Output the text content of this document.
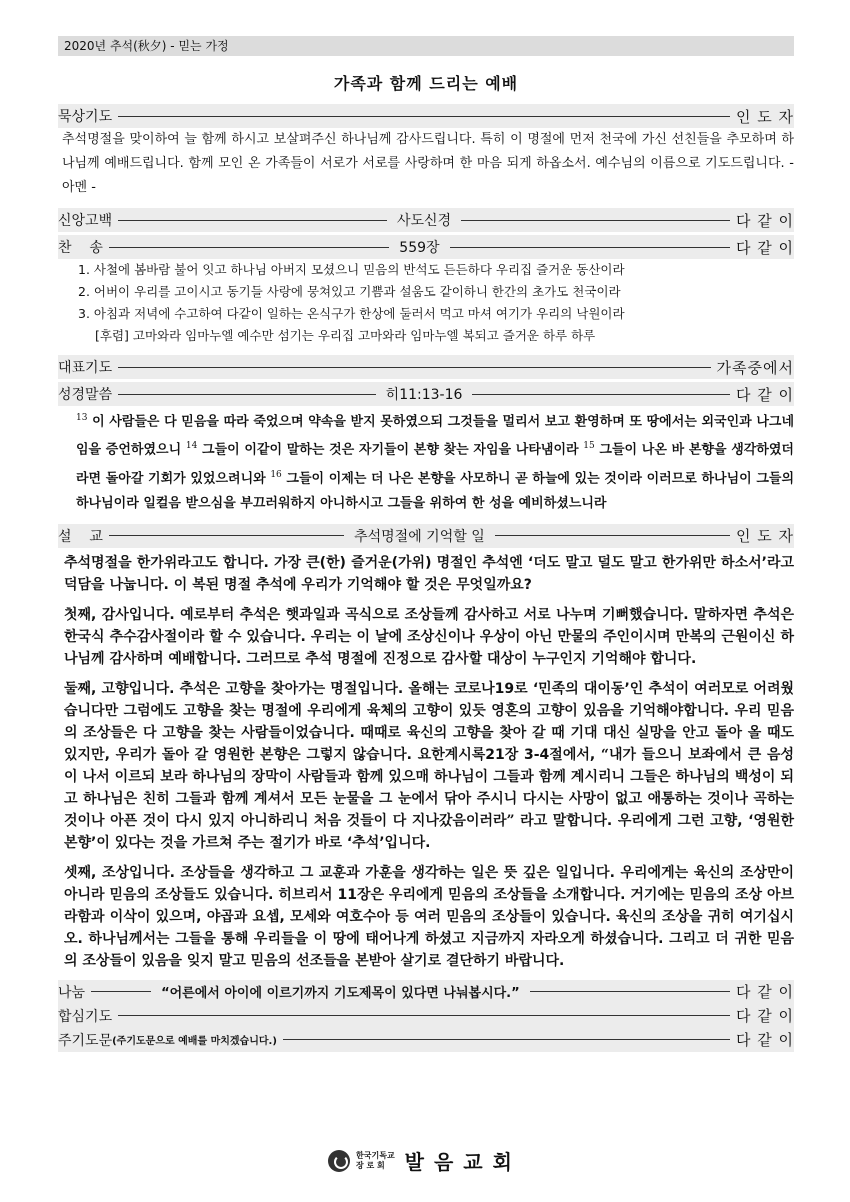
2020년 추석(秋夕) - 믿는 가정
가족과 함께 드리는 예배
묵상기도	인 도 자
추석명절을 맞이하여 늘 함께 하시고 보살펴주신 하나님께 감사드립니다. 특히 이 명절에 먼저 천국에 가신 선친들을 추모하며 하나님께 예배드립니다. 함께 모인 온 가족들이 서로가 서로를 사랑하며 한 마음 되게 하옵소서. 예수님의 이름으로 기도드립니다. - 아멘 -
신앙고백	사도신경	다 같 이
찬    송	559장	다 같 이
1. 사철에 봄바람 불어 잇고 하나님 아버지 모셨으니 믿음의 반석도 든든하다 우리집 즐거운 동산이라
2. 어버이 우리를 고이시고 동기들 사랑에 뭉쳐있고 기쁨과 설움도 같이하니 한간의 초가도 천국이라
3. 아침과 저녁에 수고하여 다같이 일하는 온식구가 한상에 둘러서 먹고 마셔 여기가 우리의 낙원이라
[후렴] 고마와라 임마누엘 예수만 섬기는 우리집 고마와라 임마누엘 복되고 즐거운 하루 하루
대표기도	가족중에서
성경말씀	히11:13-16	다 같 이
$^{13}$ 이 사람들은 다 믿음을 따라 죽었으며 약속을 받지 못하였으되 그것들을 멀리서 보고 환영하며 또 땅에서는 외국인과 나그네임을 증언하였으니 $^{14}$ 그들이 이같이 말하는 것은 자기들이 본향 찾는 자임을 나타냄이라 $^{15}$ 그들이 나온 바 본향을 생각하였더라면 돌아갈 기회가 있었으려니와 $^{16}$ 그들이 이제는 더 나은 본향을 사모하니 곧 하늘에 있는 것이라 이러므로 하나님이 그들의 하나님이라 일컬음 받으심을 부끄러워하지 아니하시고 그들을 위하여 한 성을 예비하셨느니라
설    교	추석명절에 기억할 일	인 도 자

추석명절을 한가위라고도 합니다. 가장 큰(한) 즐거운(가위) 명절인 추석엔 ‘더도 말고 덜도 말고 한가위만 하소서’라고 덕담을 나눕니다. 이 복된 명절 추석에 우리가 기억해야 할 것은 무엇일까요?

첫째, 감사입니다. 예로부터 추석은 햇과일과 곡식으로 조상들께 감사하고 서로 나누며 기뻐했습니다. 말하자면 추석은 한국식 추수감사절이라 할 수 있습니다. 우리는 이 날에 조상신이나 우상이 아닌 만물의 주인이시며 만복의 근원이신 하나님께 감사하며 예배합니다. 그러므로 추석 명절에 진정으로 감사할 대상이 누구인지 기억해야 합니다.

둘째, 고향입니다. 추석은 고향을 찾아가는 명절입니다. 올해는 코로나19로 ‘민족의 대이동’인 추석이 여러모로 어려웠습니다만 그럼에도 고향을 찾는 명절에 우리에게 육체의 고향이 있듯 영혼의 고향이 있음을 기억해야합니다. 우리 믿음의 조상들은 다 고향을 찾는 사람들이었습니다. 때때로 육신의 고향을 찾아 갈 때 기대 대신 실망을 안고 돌아 올 때도 있지만, 우리가 돌아 갈 영원한 본향은 그렇지 않습니다. 요한계시록21장 3-4절에서, “내가 들으니 보좌에서 큰 음성이 나서 이르되 보라 하나님의 장막이 사람들과 함께 있으매 하나님이 그들과 함께 계시리니 그들은 하나님의 백성이 되고 하나님은 친히 그들과 함께 계셔서 모든 눈물을 그 눈에서 닦아 주시니 다시는 사망이 없고 애통하는 것이나 곡하는 것이나 아픈 것이 다시 있지 아니하리니 처음 것들이 다 지나갔음이러라” 라고 말합니다. 우리에게 그런 고향, ‘영원한 본향’이 있다는 것을 가르쳐 주는 절기가 바로 ‘추석’입니다.

셋째, 조상입니다. 조상들을 생각하고 그 교훈과 가훈을 생각하는 일은 뜻 깊은 일입니다. 우리에게는 육신의 조상만이 아니라 믿음의 조상들도 있습니다. 히브리서 11장은 우리에게 믿음의 조상들을 소개합니다. 거기에는 믿음의 조상 아브라함과 이삭이 있으며, 야곱과 요셉, 모세와 여호수아 등 여러 믿음의 조상들이 있습니다. 육신의 조상을 귀히 여기십시오. 하나님께서는 그들을 통해 우리들을 이 땅에 태어나게 하셨고 지금까지 자라오게 하셨습니다. 그리고 더 귀한 믿음의 조상들이 있음을 잊지 말고 믿음의 선조들을 본받아 살기로 결단하기 바랍니다.

나눔	“어른에서 아이에 이르기까지 기도제목이 있다면 나눠봅시다.”	다 같 이
합심기도	다 같 이
주기도문 (주기도문으로 예배를 마치겠습니다.)	다 같 이
한국기독교
장 로 회 발음교회
